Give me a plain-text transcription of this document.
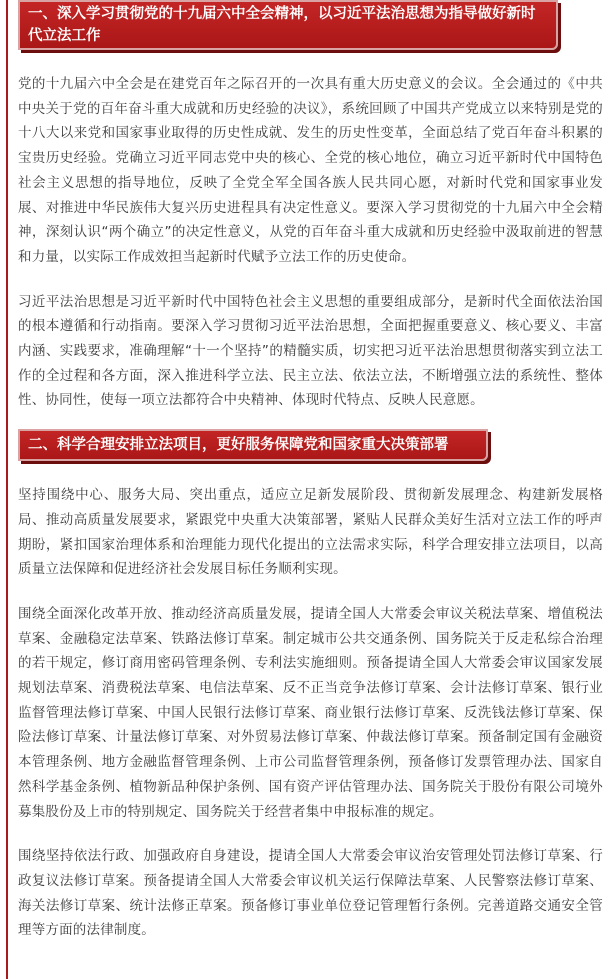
一、深入学习贯彻党的十九届六中全会精神，以习近平法治思想为指导做好新时代立法工作

党的十九届六中全会是在建党百年之际召开的一次具有重大历史意义的会议。全会通过的《中共中央关于党的百年奋斗重大成就和历史经验的决议》，系统回顾了中国共产党成立以来特别是党的十八大以来党和国家事业取得的历史性成就、发生的历史性变革，全面总结了党百年奋斗积累的宝贵历史经验。党确立习近平同志党中央的核心、全党的核心地位，确立习近平新时代中国特色社会主义思想的指导地位，反映了全党全军全国各族人民共同心愿，对新时代党和国家事业发展、对推进中华民族伟大复兴历史进程具有决定性意义。要深入学习贯彻党的十九届六中全会精神，深刻认识“两个确立”的决定性意义，从党的百年奋斗重大成就和历史经验中汲取前进的智慧和力量，以实际工作成效担当起新时代赋予立法工作的历史使命。

习近平法治思想是习近平新时代中国特色社会主义思想的重要组成部分，是新时代全面依法治国的根本遵循和行动指南。要深入学习贯彻习近平法治思想，全面把握重要意义、核心要义、丰富内涵、实践要求，准确理解“十一个坚持”的精髓实质，切实把习近平法治思想贯彻落实到立法工作的全过程和各方面，深入推进科学立法、民主立法、依法立法，不断增强立法的系统性、整体性、协同性，使每一项立法都符合中央精神、体现时代特点、反映人民意愿。

二、科学合理安排立法项目，更好服务保障党和国家重大决策部署

坚持围绕中心、服务大局、突出重点，适应立足新发展阶段、贯彻新发展理念、构建新发展格局、推动高质量发展要求，紧跟党中央重大决策部署，紧贴人民群众美好生活对立法工作的呼声期盼，紧扣国家治理体系和治理能力现代化提出的立法需求实际，科学合理安排立法项目，以高质量立法保障和促进经济社会发展目标任务顺利实现。

围绕全面深化改革开放、推动经济高质量发展，提请全国人大常委会审议关税法草案、增值税法草案、金融稳定法草案、铁路法修订草案。制定城市公共交通条例、国务院关于反走私综合治理的若干规定，修订商用密码管理条例、专利法实施细则。预备提请全国人大常委会审议国家发展规划法草案、消费税法草案、电信法草案、反不正当竞争法修订草案、会计法修订草案、银行业监督管理法修订草案、中国人民银行法修订草案、商业银行法修订草案、反洗钱法修订草案、保险法修订草案、计量法修订草案、对外贸易法修订草案、仲裁法修订草案。预备制定国有金融资本管理条例、地方金融监督管理条例、上市公司监督管理条例，预备修订发票管理办法、国家自然科学基金条例、植物新品种保护条例、国有资产评估管理办法、国务院关于股份有限公司境外募集股份及上市的特别规定、国务院关于经营者集中申报标准的规定。

围绕坚持依法行政、加强政府自身建设，提请全国人大常委会审议治安管理处罚法修订草案、行政复议法修订草案。预备提请全国人大常委会审议机关运行保障法草案、人民警察法修订草案、海关法修订草案、统计法修正草案。预备修订事业单位登记管理暂行条例。完善道路交通安全管理等方面的法律制度。
